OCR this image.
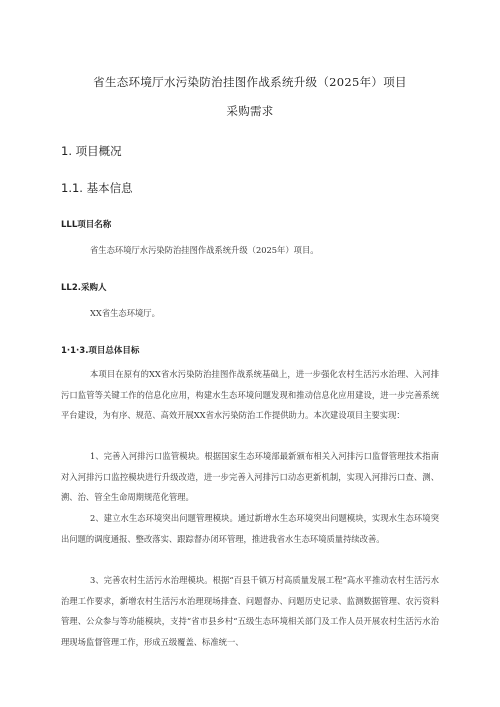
省生态环境厅水污染防治挂图作战系统升级（2025年）项目
采购需求
1. 项目概况
1.1. 基本信息
LLL项目名称
省生态环境厅水污染防治挂图作战系统升级（2025年）项目。
LL2.采购人
XX省生态环境厅。
1·1·3.项目总体目标
本项目在原有的XX省水污染防治挂图作战系统基础上，进一步强化农村生活污水治理、入河排污口监管等关键工作的信息化应用，构建水生态环境问题发现和推动信息化应用建设，进一步完善系统平台建设，为有序、规范、高效开展XX省水污染防治工作提供助力。本次建设项目主要实现：
1、完善入河排污口监管模块。根据国家生态环境部最新颁布相关入河排污口监督管理技术指南对入河排污口监控模块进行升级改造，进一步完善入河排污口动态更新机制，实现入河排污口查、测、溯、治、管全生命周期规范化管理。
2、建立水生态环境突出问题管理模块。通过新增水生态环境突出问题模块，实现水生态环境突出问题的调度通报、整改落实、跟踪督办闭环管理，推进我省水生态环境质量持续改善。
3、完善农村生活污水治理模块。根据“百县千镇万村高质量发展工程”高水平推动农村生活污水治理工作要求，新增农村生活污水治理现场排查、问题督办、问题历史记录、监测数据管理、农污资料管理、公众参与等功能模块，支持“省市县乡村“五级生态环境相关部门及工作人员开展农村生活污水治理现场监督管理工作，形成五级覆盖、标准统一、
